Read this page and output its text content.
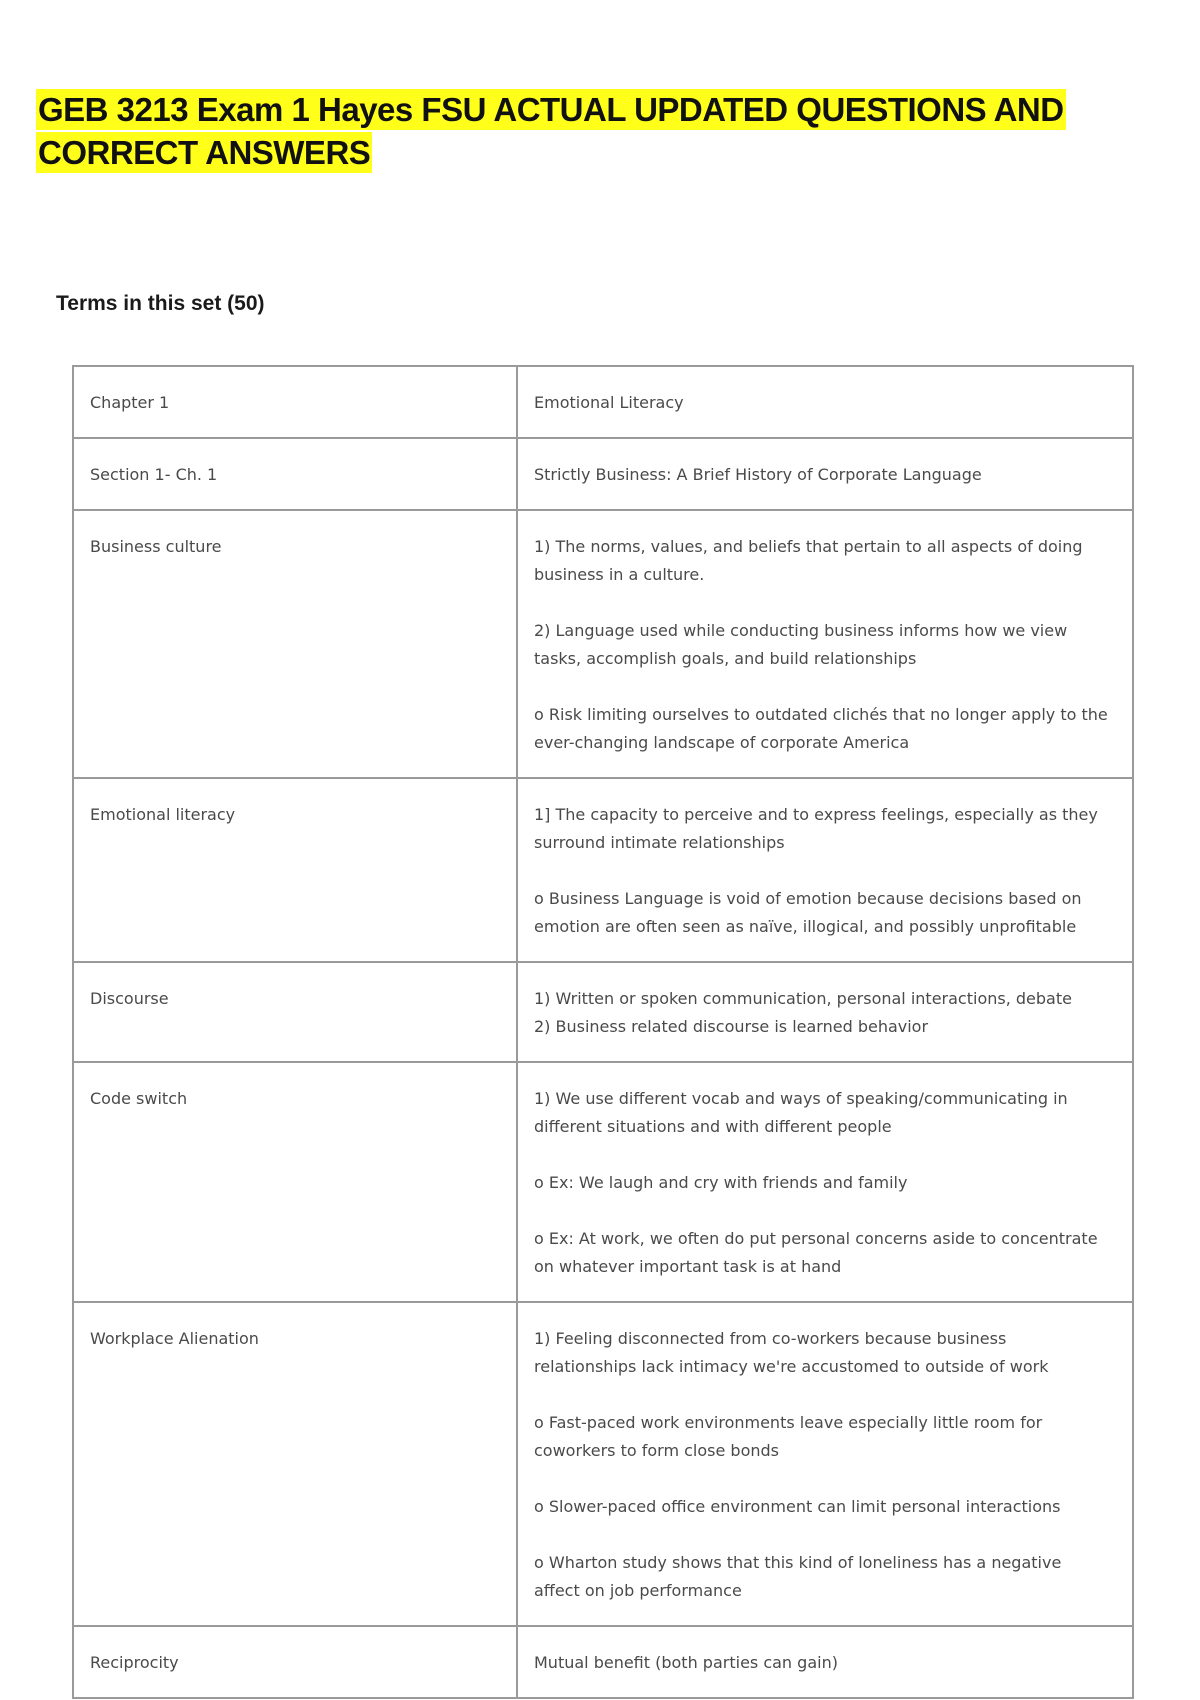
GEB 3213 Exam 1 Hayes FSU ACTUAL UPDATED QUESTIONS AND CORRECT ANSWERS

Terms in this set (50)

Chapter 1	Emotional Literacy

Section 1- Ch. 1	Strictly Business: A Brief History of Corporate Language

Business culture	1) The norms, values, and beliefs that pertain to all aspects of doing business in a culture.

2) Language used while conducting business informs how we view tasks, accomplish goals, and build relationships

o Risk limiting ourselves to outdated clichés that no longer apply to the ever-changing landscape of corporate America

Emotional literacy	1] The capacity to perceive and to express feelings, especially as they surround intimate relationships

o Business Language is void of emotion because decisions based on emotion are often seen as naïve, illogical, and possibly unprofitable

Discourse	1) Written or spoken communication, personal interactions, debate

2) Business related discourse is learned behavior

Code switch	1) We use different vocab and ways of speaking/communicating in different situations and with different people

o Ex: We laugh and cry with friends and family

o Ex: At work, we often do put personal concerns aside to concentrate on whatever important task is at hand

Workplace Alienation	1) Feeling disconnected from co-workers because business relationships lack intimacy we're accustomed to outside of work

o Fast-paced work environments leave especially little room for coworkers to form close bonds

o Slower-paced office environment can limit personal interactions

o Wharton study shows that this kind of loneliness has a negative affect on job performance

Reciprocity	Mutual benefit (both parties can gain)
